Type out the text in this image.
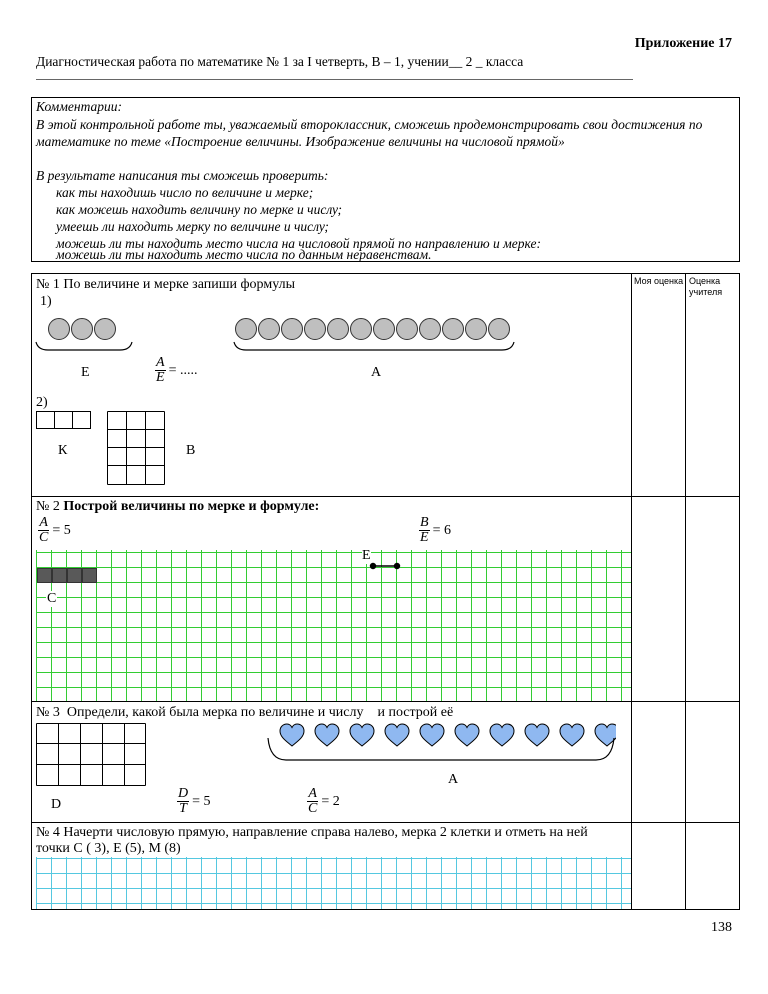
Приложение 17
Диагностическая работа по математике № 1 за I четверть, В – 1, учении__ 2 _ класса
Комментарии:
В этой контрольной работе ты, уважаемый второклассник, сможешь продемонстрировать свои достижения по математике по теме «Построение величины. Изображение величины на числовой прямой»
В результате написания ты сможешь проверить:
как ты находишь число по величине и мерке;
как можешь находить величину по мерке и числу;
умеешь ли находить мерку по величине и числу;
можешь ли ты находить место числа на числовой прямой по направлению и мерке:
можешь ли ты находить место числа по данным неравенствам.
Моя оценка Оценка учителя
№ 1 По величине и мерке запиши формулы
1)
Е	$\frac{A}{E}$ = .....	А
2)
К	В
№ 2 Построй величины по мерке и формуле:
$\frac{A}{C} = 5$	$\frac{B}{E} = 6$
С
Е
№ 3  Определи, какой была мерка по величине и числу    и построй её
А
D	$\frac{D}{T} = 5$	$\frac{A}{C} = 2$
№ 4 Начерти числовую прямую, направление справа налево, мерка 2 клетки и отметь на ней точки С ( 3), Е (5), М (8)
138
